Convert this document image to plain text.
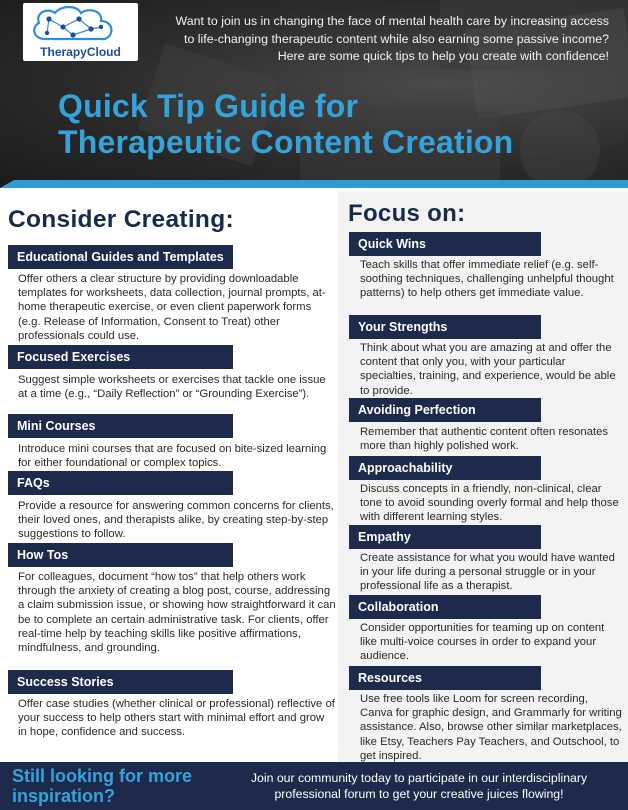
TherapyCloud
Want to join us in changing the face of mental health care by increasing access to life-changing therapeutic content while also earning some passive income? Here are some quick tips to help you create with confidence!
Quick Tip Guide for
Therapeutic Content Creation
Consider Creating:	Focus on:
Educational Guides and Templates
Offer others a clear structure by providing downloadable templates for worksheets, data collection, journal prompts, at-home therapeutic exercise, or even client paperwork forms (e.g. Release of Information, Consent to Treat) other professionals could use.
Focused Exercises
Suggest simple worksheets or exercises that tackle one issue at a time (e.g., “Daily Reflection” or “Grounding Exercise”).
Mini Courses
Introduce mini courses that are focused on bite-sized learning for either foundational or complex topics.
FAQs
Provide a resource for answering common concerns for clients, their loved ones, and therapists alike, by creating step-by-step suggestions to follow.
How Tos
For colleagues, document “how tos” that help others work through the anxiety of creating a blog post, course, addressing a claim submission issue, or showing how straightforward it can be to complete an certain administrative task. For clients, offer real-time help by teaching skills like positive affirmations, mindfulness, and grounding.
Success Stories
Offer case studies (whether clinical or professional) reflective of your success to help others start with minimal effort and grow in hope, confidence and success.
Quick Wins
Teach skills that offer immediate relief (e.g. self-soothing techniques, challenging unhelpful thought patterns) to help others get immediate value.
Your Strengths
Think about what you are amazing at and offer the content that only you, with your particular specialties, training, and experience, would be able to provide.
Avoiding Perfection
Remember that authentic content often resonates more than highly polished work.
Approachability
Discuss concepts in a friendly, non-clinical, clear tone to avoid sounding overly formal and help those with different learning styles.
Empathy
Create assistance for what you would have wanted in your life during a personal struggle or in your professional life as a therapist.
Collaboration
Consider opportunities for teaming up on content like multi-voice courses in order to expand your audience.
Resources
Use free tools like Loom for screen recording, Canva for graphic design, and Grammarly for writing assistance. Also, browse other similar marketplaces, like Etsy, Teachers Pay Teachers, and Outschool, to get inspired.
Still looking for more
inspiration?
Join our community today to participate in our interdisciplinary professional forum to get your creative juices flowing!
